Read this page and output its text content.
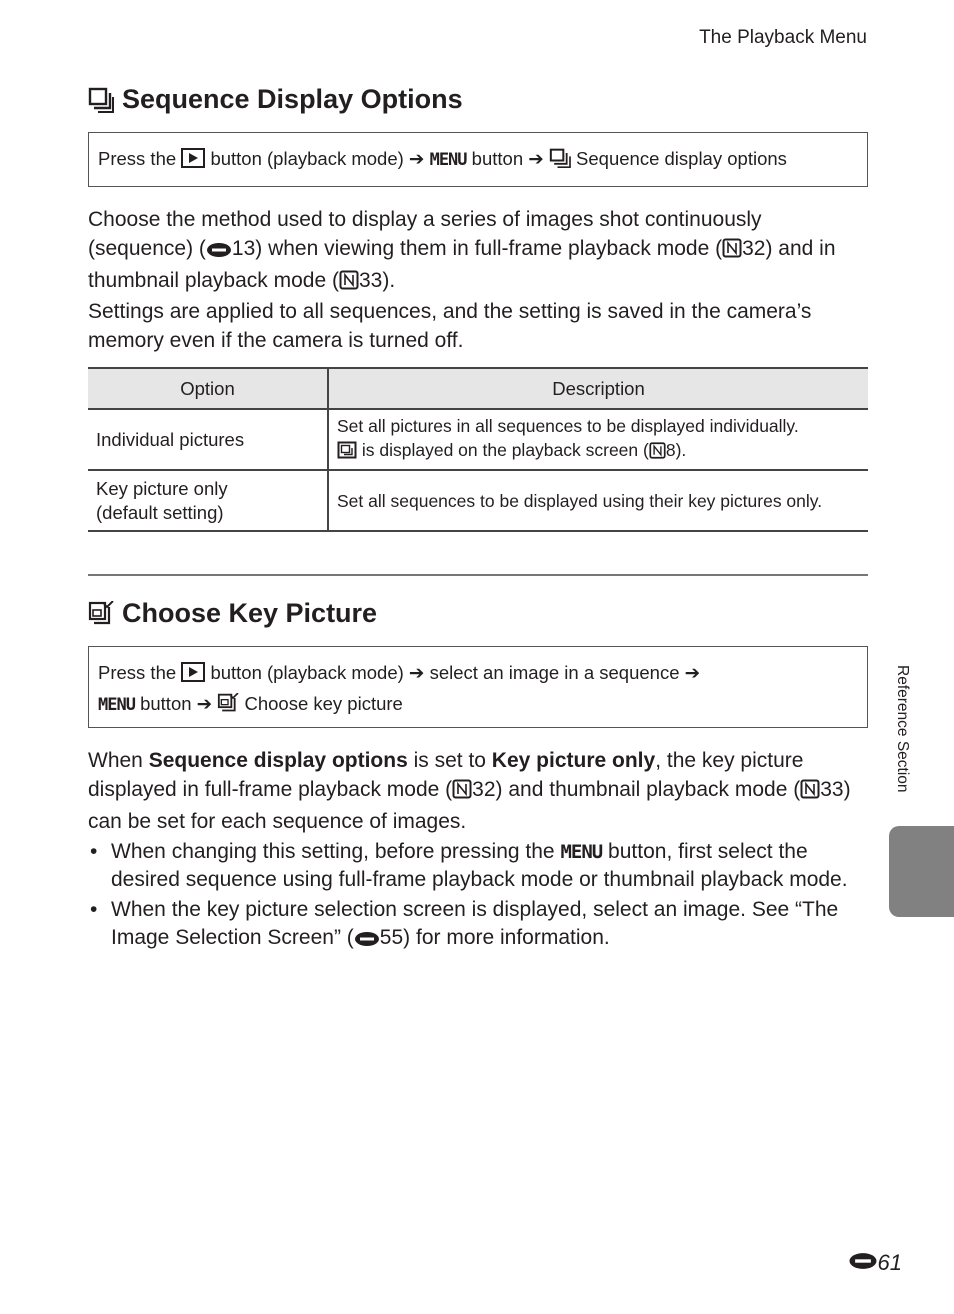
The Playback Menu
Sequence Display Options
Press the button (playback mode) ➔ MENU button ➔ Sequence display options

Choose the method used to display a series of images shot continuously (sequence) ( 13) when viewing them in full-frame playback mode ( 32) and in thumbnail playback mode ( 33).

Settings are applied to all sequences, and the setting is saved in the camera’s memory even if the camera is turned off.

Option	Description
Individual pictures	Set all pictures in all sequences to be displayed individually.
is displayed on the playback screen ( 8).
Key picture only
(default setting)	Set all sequences to be displayed using their key pictures only.
Choose Key Picture
Press the button (playback mode) ➔ select an image in a sequence ➔
MENU button ➔ Choose key picture

When Sequence display options is set to Key picture only, the key picture displayed in full-frame playback mode ( 32) and thumbnail playback mode ( 33) can be set for each sequence of images.

• When changing this setting, before pressing the MENU button, first select the desired sequence using full-frame playback mode or thumbnail playback mode.
• When the key picture selection screen is displayed, select an image. See “The Image Selection Screen” ( 55) for more information.
Reference Section
61
